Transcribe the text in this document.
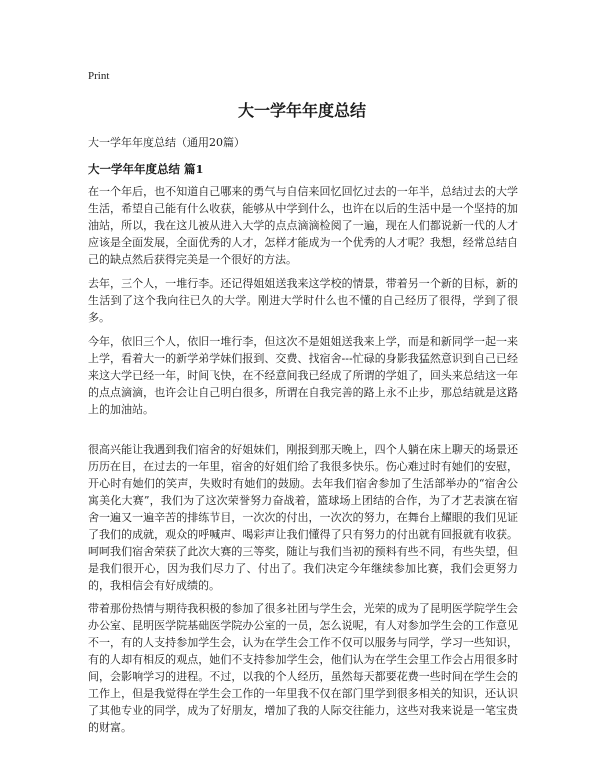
Print
大一学年年度总结

大一学年年度总结（通用20篇）

大一学年年度总结 篇1

在一个年后，也不知道自己哪来的勇气与自信来回忆回忆过去的一年半，总结过去的大学生活，希望自己能有什么收获，能够从中学到什么，也许在以后的生活中是一个坚持的加油站，所以，我在这儿被从进入大学的点点滴滴检阅了一遍，现在人们都说新一代的人才应该是全面发展，全面优秀的人才，怎样才能成为一个优秀的人才呢？我想，经常总结自己的缺点然后获得完美是一个很好的方法。

去年，三个人，一堆行李。还记得姐姐送我来这学校的情景，带着另一个新的目标，新的生活到了这个我向往已久的大学。刚进大学时什么也不懂的自己经历了很得，学到了很多。

今年，依旧三个人，依旧一堆行李，但这次不是姐姐送我来上学，而是和新同学一起一来上学，看着大一的新学弟学妹们报到、交费、找宿舍---忙碌的身影我猛然意识到自己已经来这大学已经一年，时间飞快，在不经意间我已经成了所谓的学姐了，回头来总结这一年的点点滴滴，也许会让自己明白很多，所谓在自我完善的路上永不止步，那总结就是这路上的加油站。

很高兴能让我遇到我们宿舍的好姐妹们，刚报到那天晚上，四个人躺在床上聊天的场景还历历在目，在过去的一年里，宿舍的好姐们给了我很多快乐。伤心难过时有她们的安慰，开心时有她们的笑声，失败时有她们的鼓励。去年我们宿舍参加了生活部举办的“宿舍公寓美化大赛”，我们为了这次荣誉努力奋战着，篮球场上团结的合作，为了才艺表演在宿舍一遍又一遍辛苦的排练节目，一次次的付出，一次次的努力，在舞台上耀眼的我们见证了我们的成就，观众的呼喊声、喝彩声让我们懂得了只有努力的付出就有回报就有收获。呵呵我们宿舍荣获了此次大赛的三等奖，随让与我们当初的预料有些不同，有些失望，但是我们很开心，因为我们尽力了、付出了。我们决定今年继续参加比赛，我们会更努力的，我相信会有好成绩的。

带着那份热情与期待我积极的参加了很多社团与学生会，光荣的成为了昆明医学院学生会办公室、昆明医学院基础医学院办公室的一员，怎么说呢，有人对参加学生会的工作意见不一，有的人支持参加学生会，认为在学生会工作不仅可以服务与同学，学习一些知识，有的人却有相反的观点，她们不支持参加学生会，他们认为在学生会里工作会占用很多时间，会影响学习的进程。不过，以我的个人经历，虽然每天都要花费一些时间在学生会的工作上，但是我觉得在学生会工作的一年里我不仅在部门里学到很多相关的知识，还认识了其他专业的同学，成为了好朋友，增加了我的人际交往能力，这些对我来说是一笔宝贵的财富。
